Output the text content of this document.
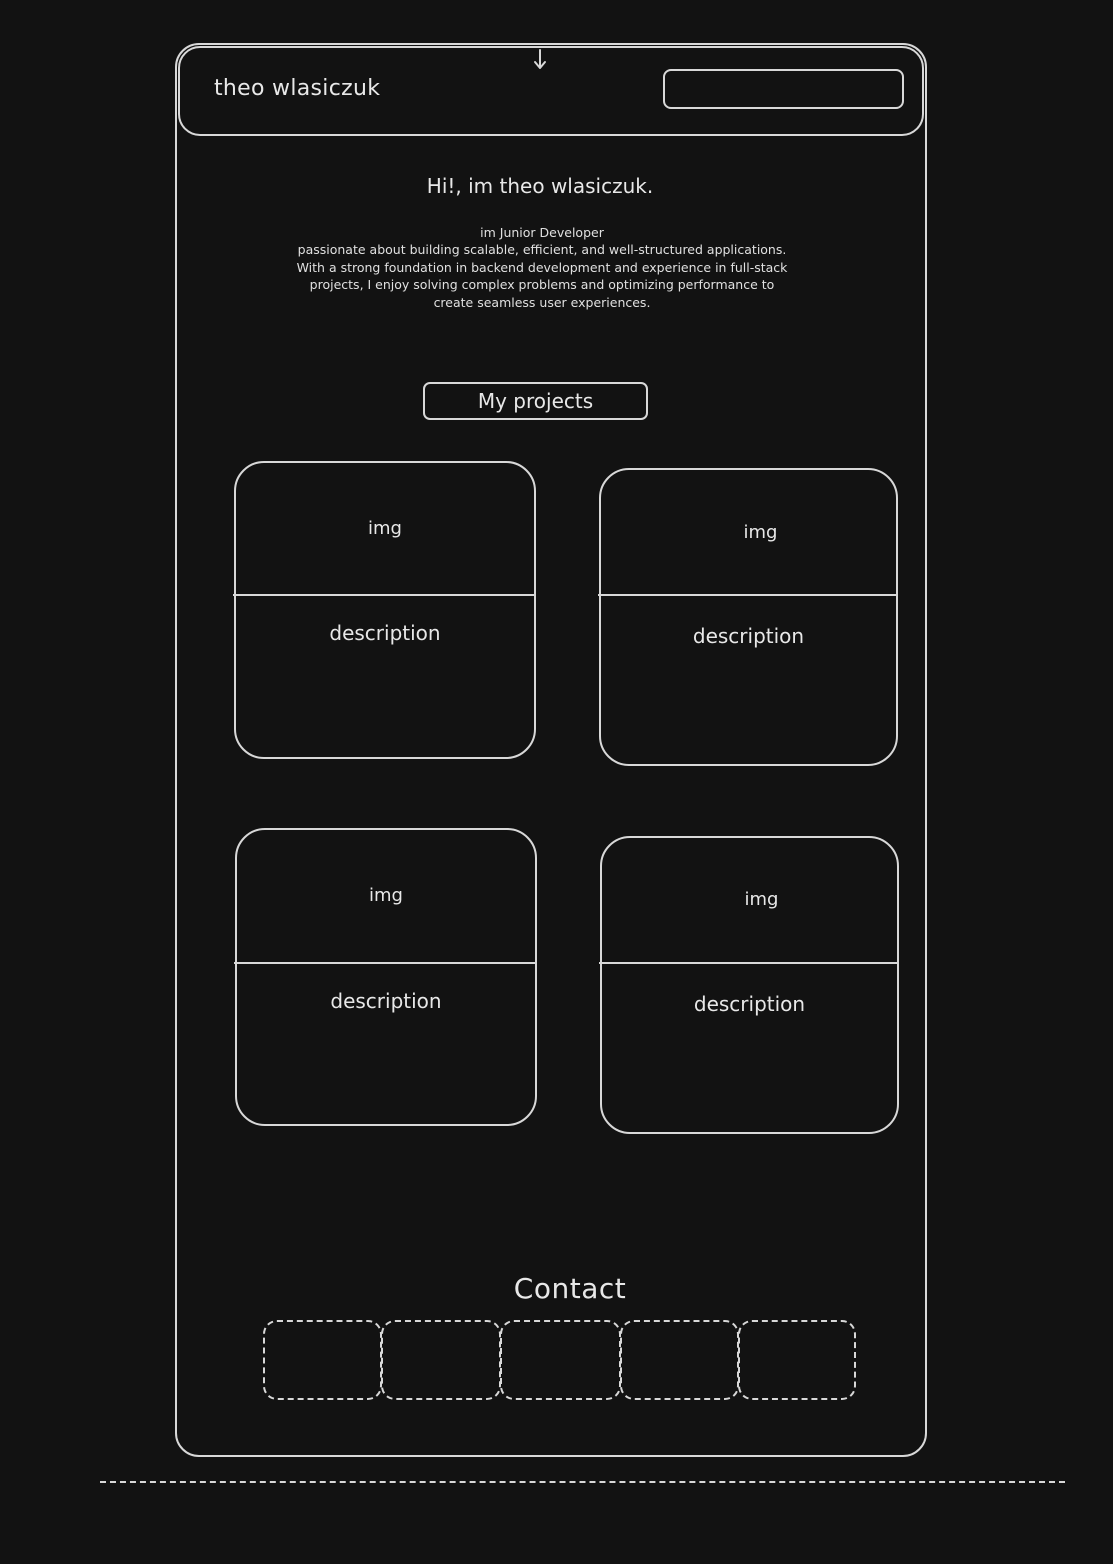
theo wlasiczuk
Hi!, im theo wlasiczuk.
im Junior Developer
passionate about building scalable, efficient, and well-structured applications.
With a strong foundation in backend development and experience in full-stack
projects, I enjoy solving complex problems and optimizing performance to
create seamless user experiences.
My projects
img
description
img
description
img
description
img
description
Contact
